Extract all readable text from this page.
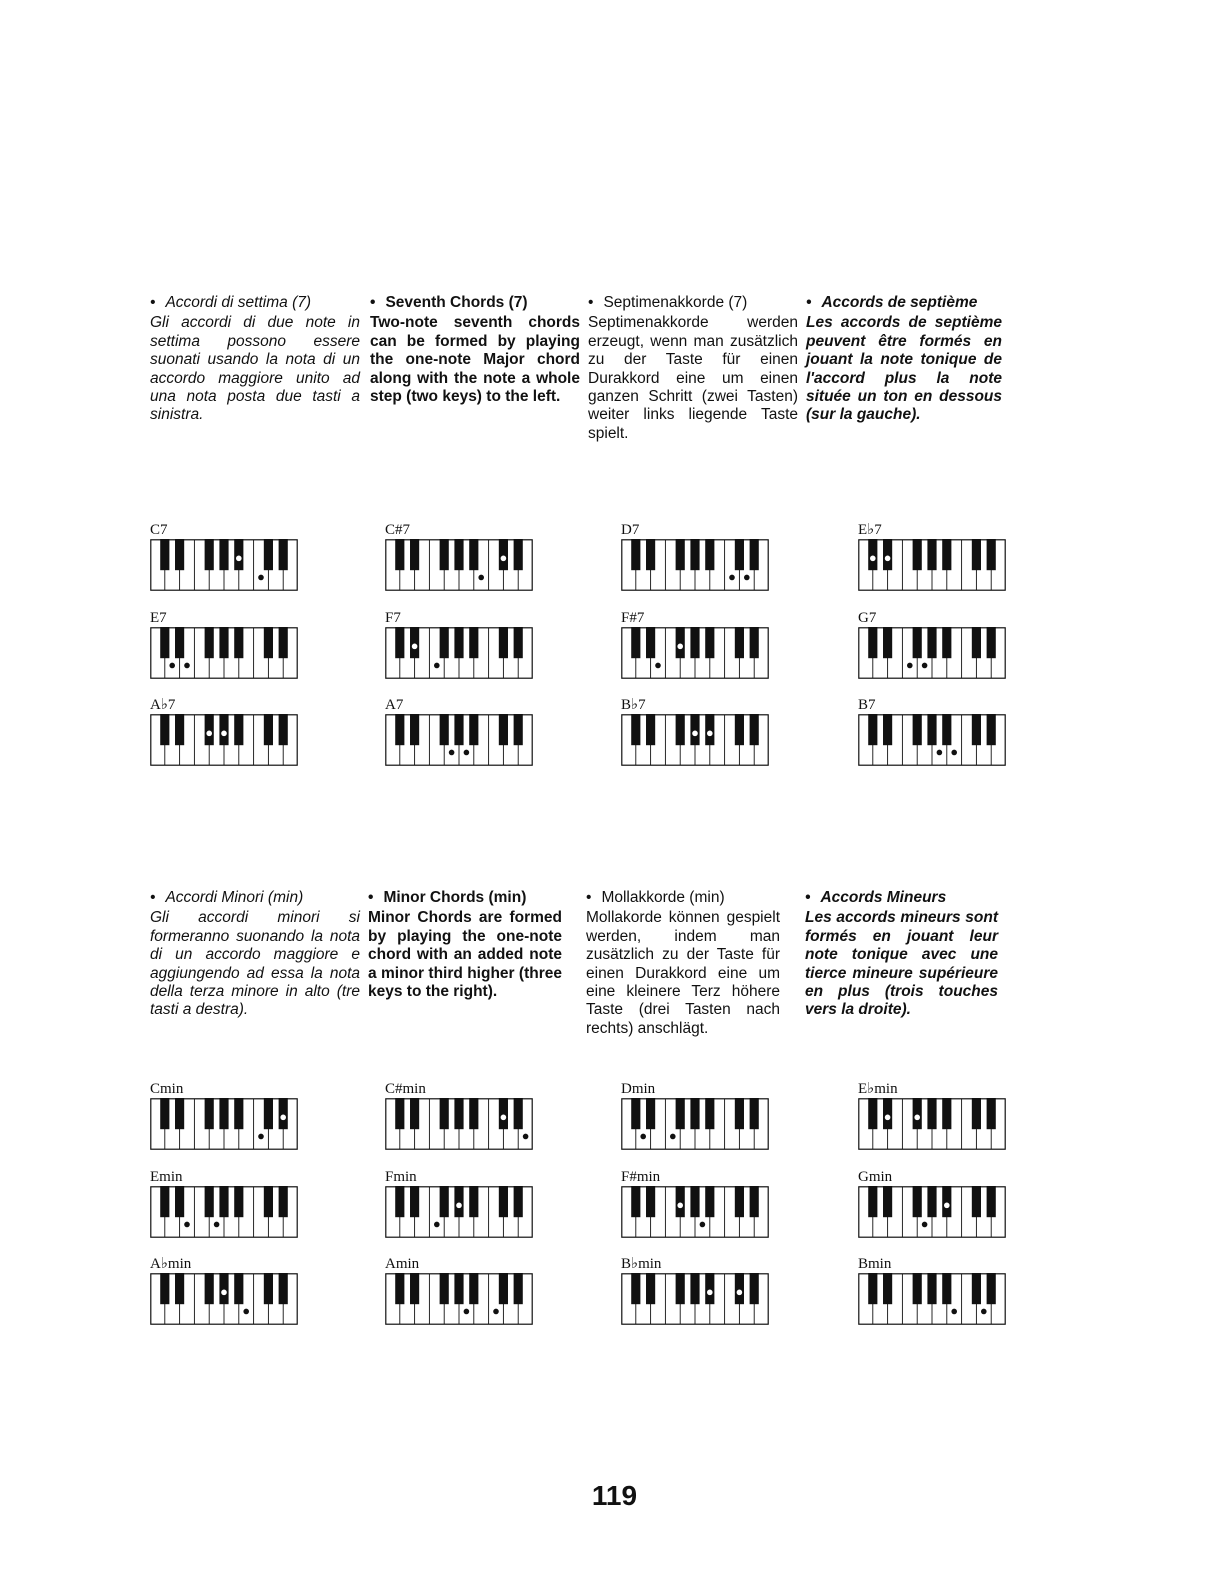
• Accordi di settima (7)
Gli accordi di due note in settima possono essere suonati usando la nota di un accordo maggiore unito ad una nota posta due tasti a sinistra.
• Seventh Chords (7)
Two-note seventh chords can be formed by playing the one-note Major chord along with the note a whole step (two keys) to the left.
• Septimenakkorde (7)
Septimenakkorde werden erzeugt, wenn man zusätzlich zu der Taste für einen Durakkord eine um einen ganzen Schritt (zwei Tasten) weiter links liegende Taste spielt.
• Accords de septième
Les accords de septième peuvent être formés en jouant la note tonique de l'accord plus la note située un ton en dessous (sur la gauche).
C7	C#7	D7	E♭7
E7	F7	F#7	G7
A♭7	A7	B♭7	B7
• Accordi Minori (min)
Gli accordi minori si formeranno suonando la nota di un accordo maggiore e aggiungendo ad essa la nota della terza minore in alto (tre tasti a destra).
• Minor Chords (min)
Minor Chords are formed by playing the one-note chord with an added note a minor third higher (three keys to the right).
• Mollakkorde (min)
Mollakorde können gespielt werden, indem man zusätzlich zu der Taste für einen Durakkord eine um eine kleinere Terz höhere Taste (drei Tasten nach rechts) anschlägt.
• Accords Mineurs
Les accords mineurs sont formés en jouant leur note tonique avec une tierce mineure supérieure en plus (trois touches vers la droite).
Cmin	C#min	Dmin	E♭min
Emin	Fmin	F#min	Gmin
A♭min	Amin	B♭min	Bmin
119
